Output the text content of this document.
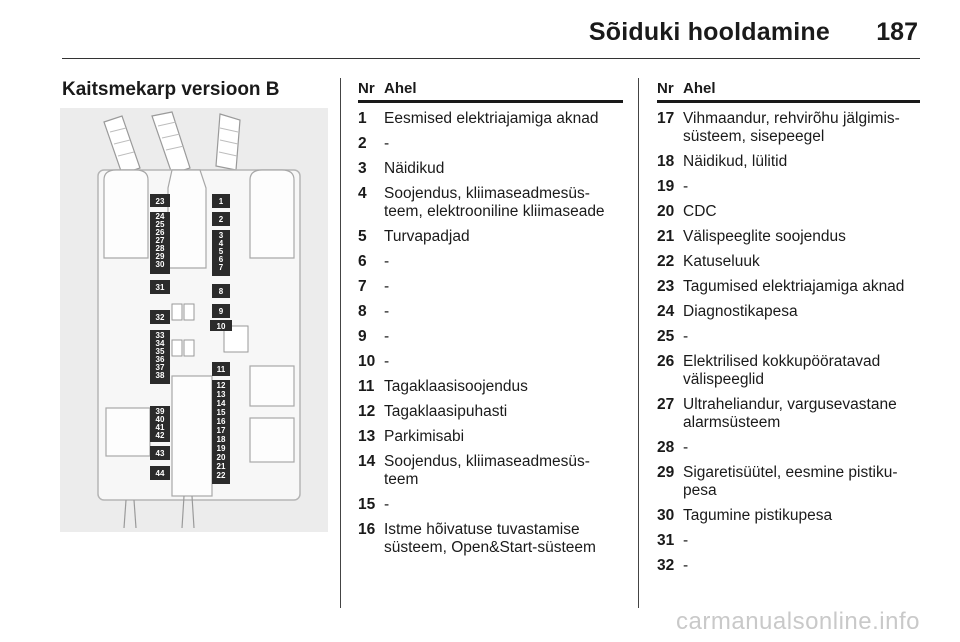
Sõiduki hooldamine 187
Kaitsmekarp versioon B
23
24
25
26
27
28
29
30
31
32
33
34
35
36
37
38
39
40
41
42
43
44
1
2
3
4
5
6
7
8
9
10
11
12
13
14
15
16
17
18
19
20
21
22
Nr Ahel
1	Eesmised elektriajamiga aknad
2	-
3	Näidikud
4	Soojendus, kliimaseadmesüs-
teem, elektrooniline kliimaseade
5	Turvapadjad
6	-
7	-
8	-
9	-
10 -
11 Tagaklaasisoojendus
12 Tagaklaasipuhasti
13 Parkimisabi
14 Soojendus, kliimaseadmesüs-
teem
15 -
16 Istme hõivatuse tuvastamise
süsteem, Open&Start-süsteem
Nr Ahel
17 Vihmaandur, rehvirõhu jälgimis-
süsteem, sisepeegel
18 Näidikud, lülitid
19 -
20 CDC
21 Välispeeglite soojendus
22 Katuseluuk
23 Tagumised elektriajamiga aknad
24 Diagnostikapesa
25 -
26 Elektrilised kokkupööratavad
välispeeglid
27 Ultraheliandur, vargusevastane
alarmsüsteem
28 -
29 Sigaretisüütel, eesmine pistiku-
pesa
30 Tagumine pistikupesa
31 -
32 -
carmanualsonline.info
